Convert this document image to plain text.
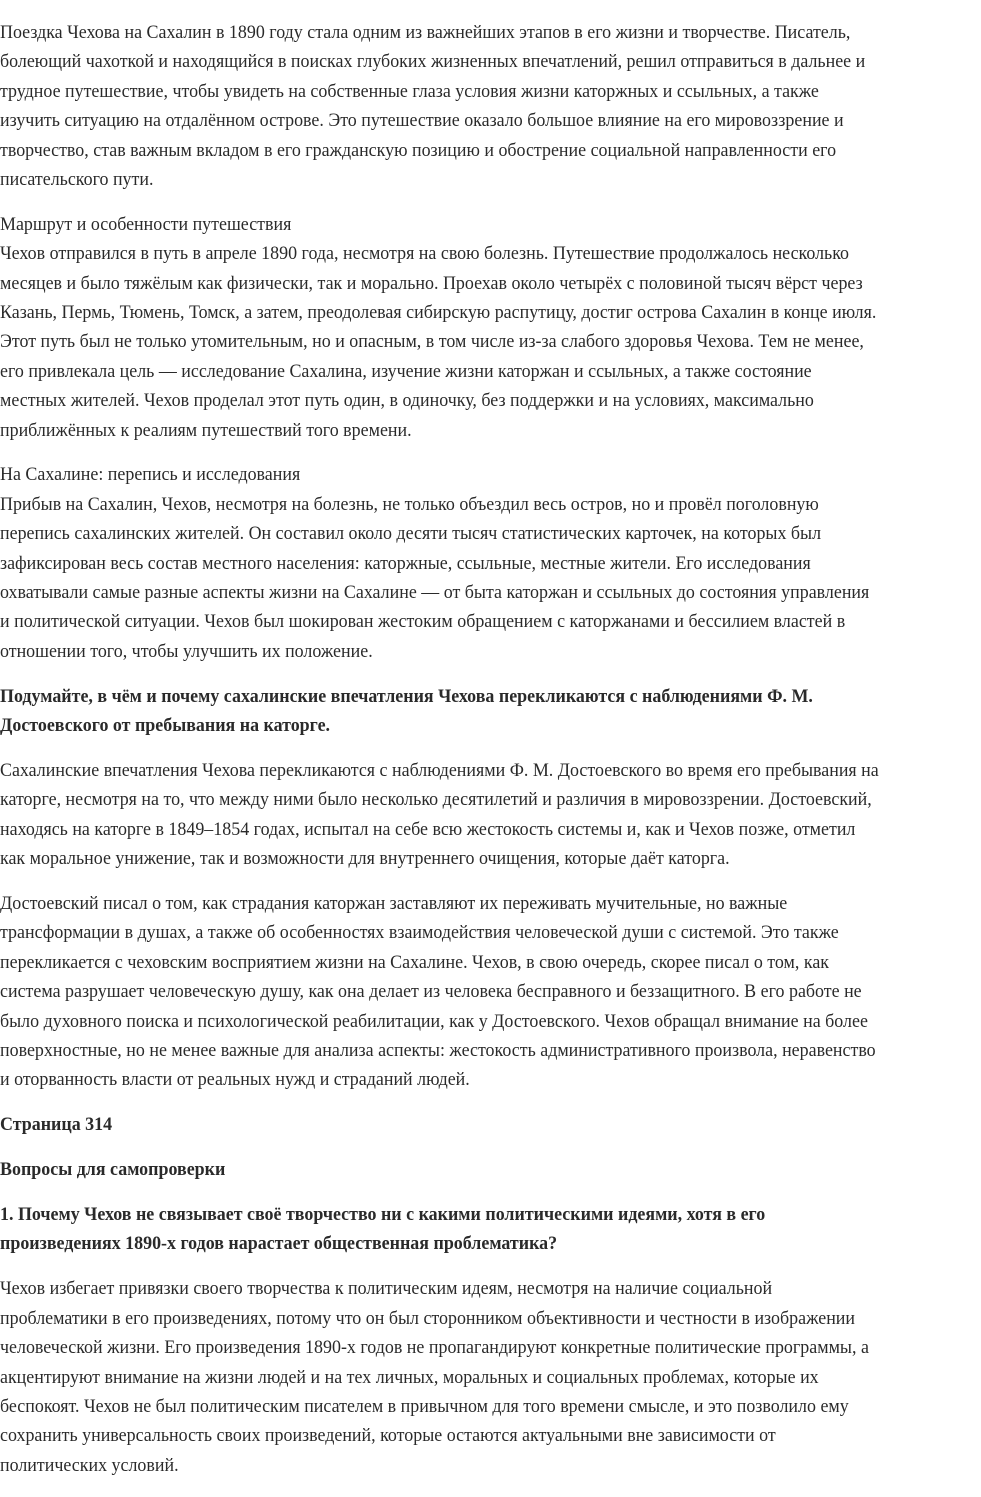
Поездка Чехова на Сахалин в 1890 году стала одним из важнейших этапов в его жизни и творчестве. Писатель,
болеющий чахоткой и находящийся в поисках глубоких жизненных впечатлений, решил отправиться в дальнее и
трудное путешествие, чтобы увидеть на собственные глаза условия жизни каторжных и ссыльных, а также
изучить ситуацию на отдалённом острове. Это путешествие оказало большое влияние на его мировоззрение и
творчество, став важным вкладом в его гражданскую позицию и обострение социальной направленности его
писательского пути.
Маршрут и особенности путешествия
Чехов отправился в путь в апреле 1890 года, несмотря на свою болезнь. Путешествие продолжалось несколько
месяцев и было тяжёлым как физически, так и морально. Проехав около четырёх с половиной тысяч вёрст через
Казань, Пермь, Тюмень, Томск, а затем, преодолевая сибирскую распутицу, достиг острова Сахалин в конце июля.
Этот путь был не только утомительным, но и опасным, в том числе из-за слабого здоровья Чехова. Тем не менее,
его привлекала цель — исследование Сахалина, изучение жизни каторжан и ссыльных, а также состояние
местных жителей. Чехов проделал этот путь один, в одиночку, без поддержки и на условиях, максимально
приближённых к реалиям путешествий того времени.
На Сахалине: перепись и исследования
Прибыв на Сахалин, Чехов, несмотря на болезнь, не только объездил весь остров, но и провёл поголовную
перепись сахалинских жителей. Он составил около десяти тысяч статистических карточек, на которых был
зафиксирован весь состав местного населения: каторжные, ссыльные, местные жители. Его исследования
охватывали самые разные аспекты жизни на Сахалине — от быта каторжан и ссыльных до состояния управления
и политической ситуации. Чехов был шокирован жестоким обращением с каторжанами и бессилием властей в
отношении того, чтобы улучшить их положение.
Подумайте, в чём и почему сахалинские впечатления Чехова перекликаются с наблюдениями Ф. М.
Достоевского от пребывания на каторге.
Сахалинские впечатления Чехова перекликаются с наблюдениями Ф. М. Достоевского во время его пребывания на
каторге, несмотря на то, что между ними было несколько десятилетий и различия в мировоззрении. Достоевский,
находясь на каторге в 1849–1854 годах, испытал на себе всю жестокость системы и, как и Чехов позже, отметил
как моральное унижение, так и возможности для внутреннего очищения, которые даёт каторга.
Достоевский писал о том, как страдания каторжан заставляют их переживать мучительные, но важные
трансформации в душах, а также об особенностях взаимодействия человеческой души с системой. Это также
перекликается с чеховским восприятием жизни на Сахалине. Чехов, в свою очередь, скорее писал о том, как
система разрушает человеческую душу, как она делает из человека бесправного и беззащитного. В его работе не
было духовного поиска и психологической реабилитации, как у Достоевского. Чехов обращал внимание на более
поверхностные, но не менее важные для анализа аспекты: жестокость административного произвола, неравенство
и оторванность власти от реальных нужд и страданий людей.
Страница 314
Вопросы для самопроверки
1. Почему Чехов не связывает своё творчество ни с какими политическими идеями, хотя в его
произведениях 1890-х годов нарастает общественная проблематика?
Чехов избегает привязки своего творчества к политическим идеям, несмотря на наличие социальной
проблематики в его произведениях, потому что он был сторонником объективности и честности в изображении
человеческой жизни. Его произведения 1890-х годов не пропагандируют конкретные политические программы, а
акцентируют внимание на жизни людей и на тех личных, моральных и социальных проблемах, которые их
беспокоят. Чехов не был политическим писателем в привычном для того времени смысле, и это позволило ему
сохранить универсальность своих произведений, которые остаются актуальными вне зависимости от
политических условий.
